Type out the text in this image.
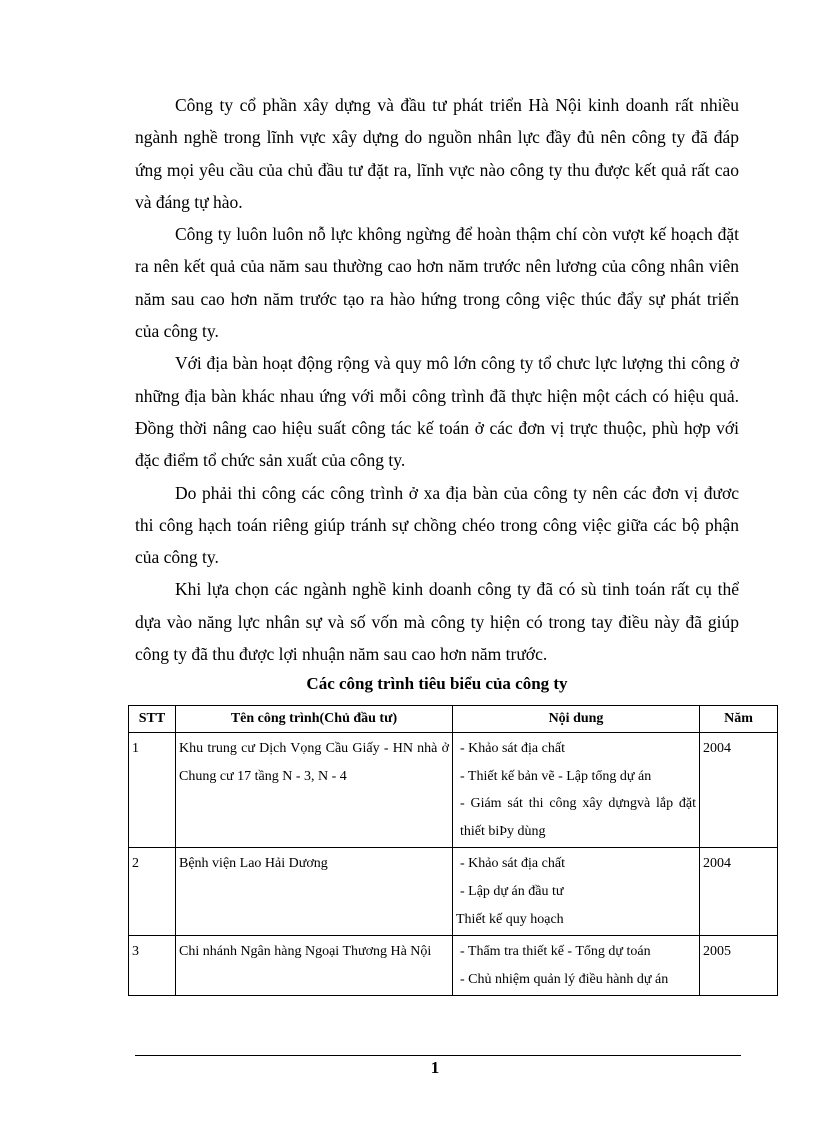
Công ty cổ phần xây dựng và đầu tư phát triển Hà Nội kinh doanh rất nhiều ngành nghề trong lĩnh vực xây dựng do nguồn nhân lực đầy đủ nên công ty đã đáp ứng mọi yêu cầu của chủ đầu tư đặt ra, lĩnh vực nào công ty thu được kết quả rất cao và đáng tự hào.

Công ty luôn luôn nỗ lực không ngừng để hoàn thậm chí còn vượt kế hoạch đặt ra nên kết quả của năm sau thường cao hơn năm trước nên lương của công nhân viên năm sau cao hơn năm trước tạo ra hào hứng trong công việc thúc đẩy sự phát triển của công ty.

Với địa bàn hoạt động rộng và quy mô lớn công ty tổ chưc lực lượng thi công ở những địa bàn khác nhau ứng với mỗi công trình đã thực hiện một cách có hiệu quả. Đồng thời nâng cao hiệu suất công tác kế toán ở các đơn vị trực thuộc, phù hợp với đặc điểm tổ chức sản xuất của công ty.

Do phải thi công các công trình ở xa địa bàn của công ty nên các đơn vị đươc thi công hạch toán riêng giúp tránh sự chồng chéo trong công việc giữa các bộ phận của công ty.

Khi lựa chọn các ngành nghề kinh doanh công ty đã có sù tinh toán rất cụ thể dựa vào năng lực nhân sự và số vốn mà công ty hiện có trong tay điều này đã giúp công ty đã thu được lợi nhuận năm sau cao hơn năm trước.

Các công trình tiêu biểu của công ty

STT	Tên công trình(Chủ đầu tư)	Nội dung	Năm
1	Khu trung cư Dịch Vọng Cầu Giấy - HN nhà ở Chung cư 17 tầng N - 3, N - 4	- Khảo sát địa chất
- Thiết kế bản vẽ - Lập tổng dự án
- Giám sát thi công xây dựngvà lắp đặt thiết biÞy dùng	2004
2	Bệnh viện Lao Hải Dương	- Khảo sát địa chất
- Lập dự án đầu tư
Thiết kế quy hoạch	2004
3	Chi nhánh Ngân hàng Ngoại Thương Hà Nội	- Thẩm tra thiết kế - Tổng dự toán
- Chủ nhiệm quản lý điều hành dự án	2005
1
